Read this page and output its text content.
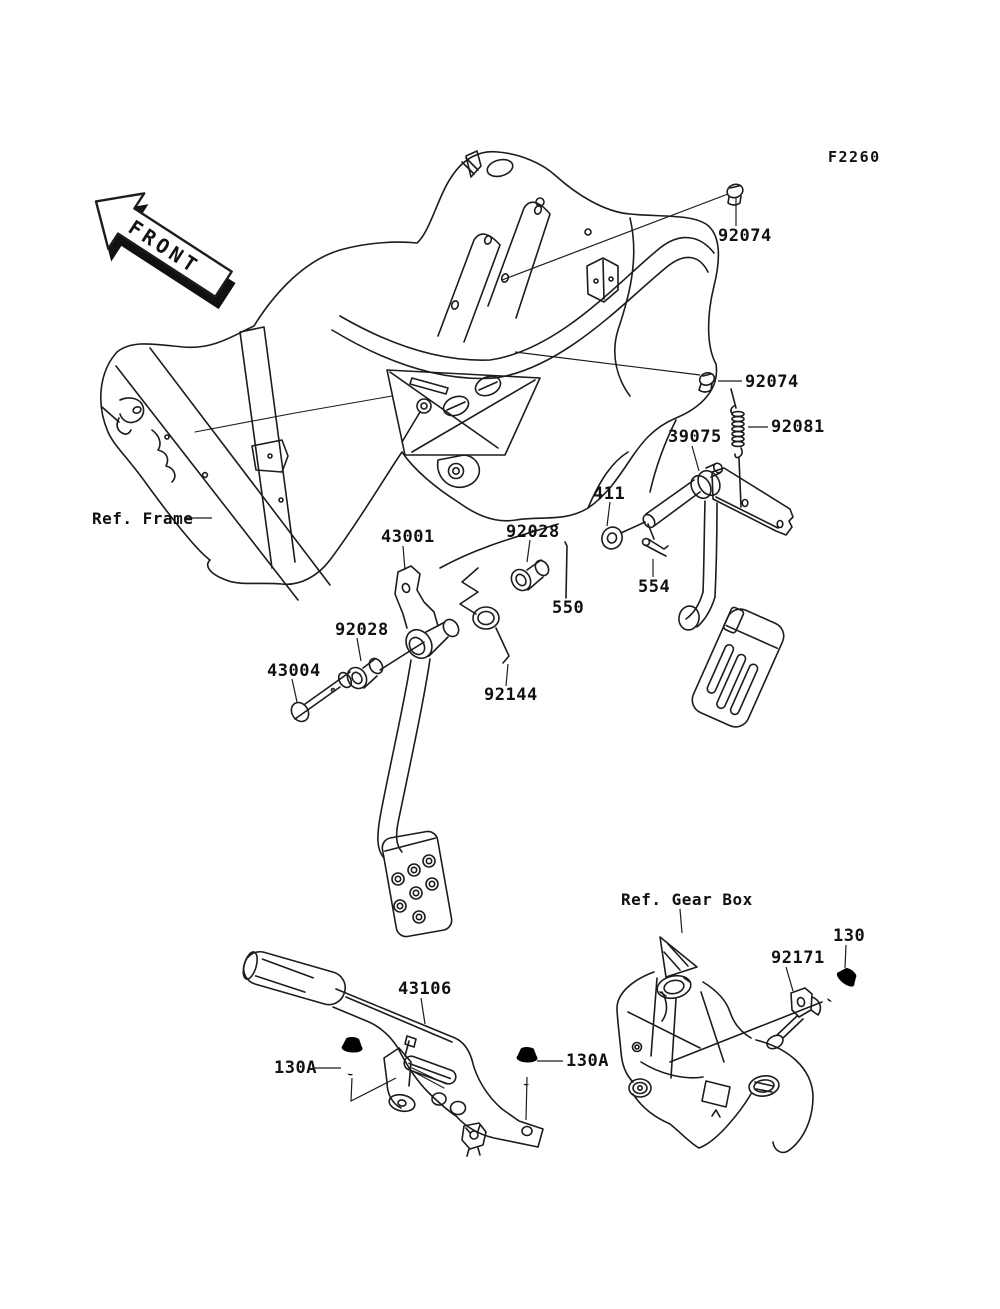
FRONT
F2260
92074
92074
92081
39075
411
554
550
92028
43001
92028
43004
92144
43106
130A	130A
130
92171
Ref. Frame
Ref. Gear Box
